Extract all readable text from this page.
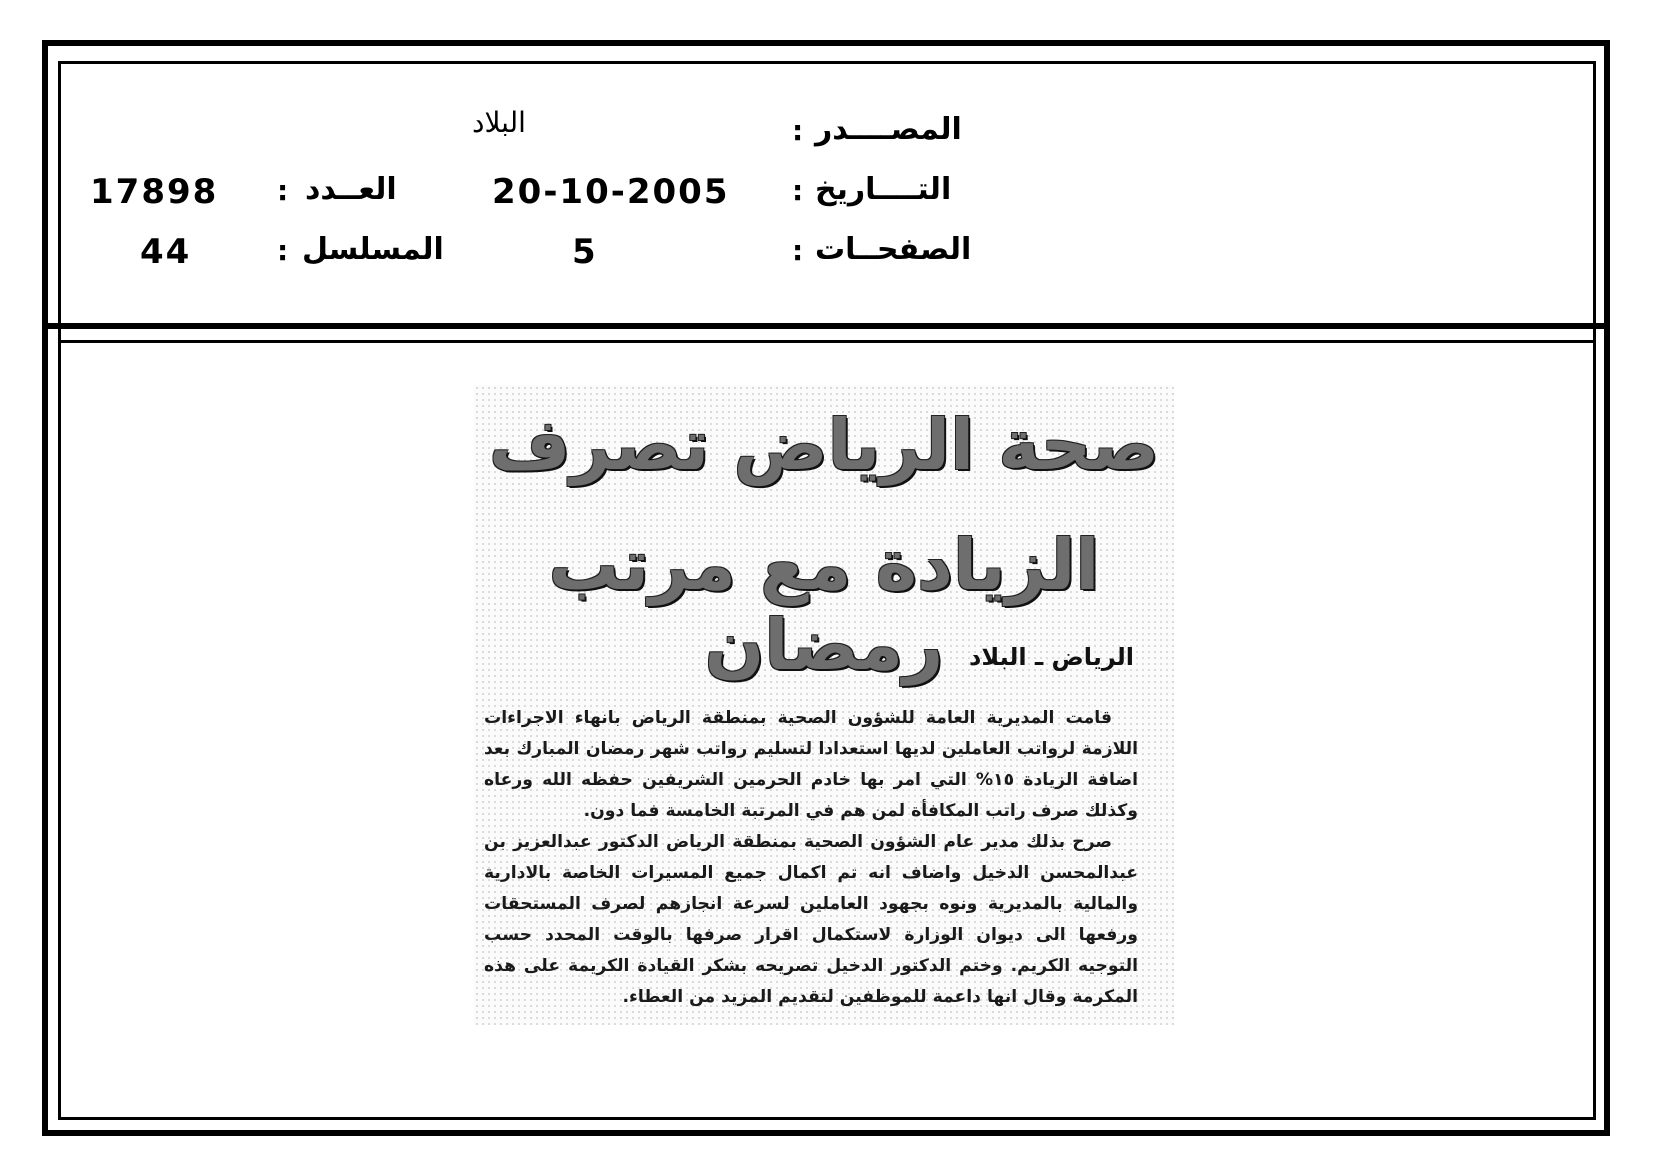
المصــــدر
:
البلاد
التــــاريخ
:
20-10-2005
العــدد
:
17898
الصفحــات
:
5
المسلسل
:
44
صحة الرياض تصرف
الزيادة مع مرتب رمضان	الرياض ـ البلاد

قامت المديرية العامة للشؤون الصحية بمنطقة الرياض بانهاء الاجراءات اللازمة لرواتب العاملين لديها استعدادا لتسليم رواتب شهر رمضان المبارك بعد اضافة الزيادة ١٥% التي امر بها خادم الحرمين الشريفين حفظه الله ورعاه وكذلك صرف راتب المكافأة لمن هم في المرتبة الخامسة فما دون.

صرح بذلك مدير عام الشؤون الصحية بمنطقة الرياض الدكتور عبدالعزيز بن عبدالمحسن الدخيل واضاف انه تم اكمال جميع المسيرات الخاصة بالادارية والمالية بالمديرية ونوه بجهود العاملين لسرعة انجازهم لصرف المستحقات ورفعها الى ديوان الوزارة لاستكمال اقرار صرفها بالوقت المحدد حسب التوجيه الكريم. وختم الدكتور الدخيل تصريحه بشكر القيادة الكريمة على هذه المكرمة وقال انها داعمة للموظفين لتقديم المزيد من العطاء.
